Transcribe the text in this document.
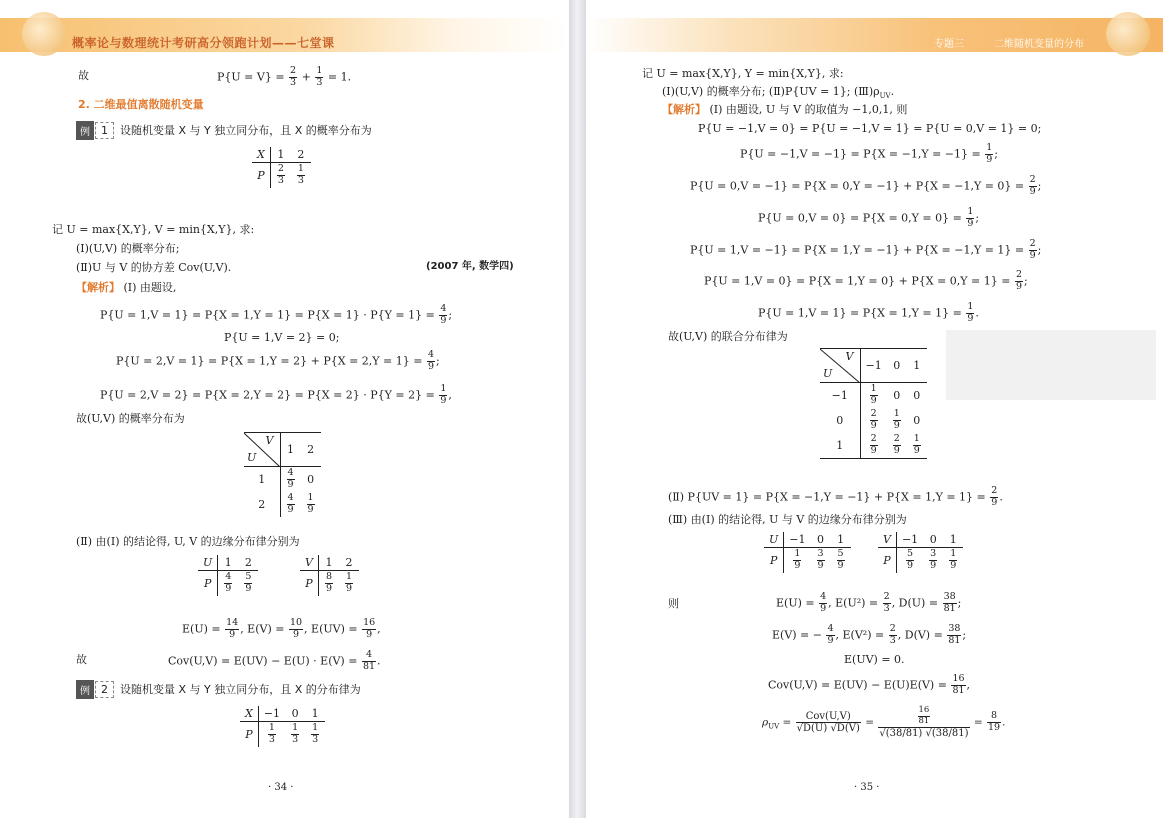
概率论与数理统计考研高分领跑计划——七堂课
故	$P\{U = V\} = \frac{2}{3} + \frac{1}{3} = 1$.
2. 二维最值离散随机变量
例	1	设随机变量 X 与 Y 独立同分布，且 X 的概率分布为
X	1	2
P	$\frac{2}{3}$	$\frac{1}{3}$
记 U = max{X,Y}, V = min{X,Y}, 求:
(Ⅰ)(U,V) 的概率分布;
(Ⅱ)U 与 V 的协方差 Cov(U,V).	(2007 年, 数学四)
【解析】 (Ⅰ) 由题设,
$P\{U = 1,V = 1\} = P\{X = 1,Y = 1\} = P\{X = 1\} \cdot P\{Y = 1\} = \frac{4}{9}$ ;
P{U = 1,V = 2} = 0;
$P\{U = 2,V = 1\} = P\{X = 1,Y = 2\} + P\{X = 2,Y = 1\} = \frac{4}{9}$ ;
$P\{U = 2,V = 2\} = P\{X = 2,Y = 2\} = P\{X = 2\} \cdot P\{Y = 2\} = \frac{1}{9}$ ,
故(U,V) 的概率分布为
V
U	1	2
1	$\frac{4}{9}$	0
2	$\frac{4}{9}$	$\frac{1}{9}$
(Ⅱ) 由(Ⅰ) 的结论得, U, V 的边缘分布律分别为
U	1	2
P	$\frac{4}{9}$	$\frac{5}{9}$
V	1	2
P	$\frac{8}{9}$	$\frac{1}{9}$
$E(U) = \frac{14}{9}$ , $E(V) = \frac{10}{9}$ , $E(UV) = \frac{16}{9}$ ,
故	$Cov(U,V) = E(UV) - E(U) \cdot E(V) = \frac{4}{81}$ .
例	2	设随机变量 X 与 Y 独立同分布，且 X 的分布律为
X	−1	0	1
P	$\frac{1}{3}$	$\frac{1}{3}$	$\frac{1}{3}$
· 34 ·
专题三	二维随机变量的分布
记 U = max{X,Y}, Y = min{X,Y}, 求:
(Ⅰ)(U,V) 的概率分布; (Ⅱ)P{UV = 1}; $(Ⅲ)\rho_{UV}$.
【解析】 (Ⅰ) 由题设, U 与 V 的取值为 −1,0,1, 则
P{U = −1,V = 0} = P{U = −1,V = 1} = P{U = 0,V = 1} = 0;
$P\{U = -1,V = -1\} = P\{X = -1,Y = -1\} = \frac{1}{9}$ ;
$P\{U = 0,V = -1\} = P\{X = 0,Y = -1\} + P\{X = -1,Y = 0\} = \frac{2}{9}$ ;
$P\{U = 0,V = 0\} = P\{X = 0,Y = 0\} = \frac{1}{9}$ ;
$P\{U = 1,V = -1\} = P\{X = 1,Y = -1\} + P\{X = -1,Y = 1\} = \frac{2}{9}$ ;
$P\{U = 1,V = 0\} = P\{X = 1,Y = 0\} + P\{X = 0,Y = 1\} = \frac{2}{9}$ ;
$P\{U = 1,V = 1\} = P\{X = 1,Y = 1\} = \frac{1}{9}$ .
故(U,V) 的联合分布律为
V
U	−1	0	1
−1	$\frac{1}{9}$	0	0
0	$\frac{2}{9}$	$\frac{1}{9}$	0
1	$\frac{2}{9}$	$\frac{2}{9}$	$\frac{1}{9}$
(Ⅱ) $P\{UV = 1\} = P\{X = -1,Y = -1\} + P\{X = 1,Y = 1\} = \frac{2}{9}$ .
(Ⅲ) 由(Ⅰ) 的结论得, U 与 V 的边缘分布律分别为
U	−1	0	1
P	$\frac{1}{9}$	$\frac{3}{9}$	$\frac{5}{9}$
V	−1	0	1
P	$\frac{5}{9}$	$\frac{3}{9}$	$\frac{1}{9}$
则	$E(U) = \frac{4}{9}$ , $E(U^2) = \frac{2}{3}$ , $D(U) = \frac{38}{81}$ ;
E(V) = − $\frac{4}{9}$ , $E(V^2) = \frac{2}{3}$ , $D(V) = \frac{38}{81}$ ;
E(UV) = 0.
$Cov(U,V) = E(UV) - E(U)E(V) = \frac{16}{81}$ ,
$\rho_{UV} = \frac{\text{Cov(U,V)}}{√D(U) √D(V)} = \frac{\frac{16}{81}}{√(38/81) √(38/81)} = \frac{8}{19}$ .
· 35 ·
